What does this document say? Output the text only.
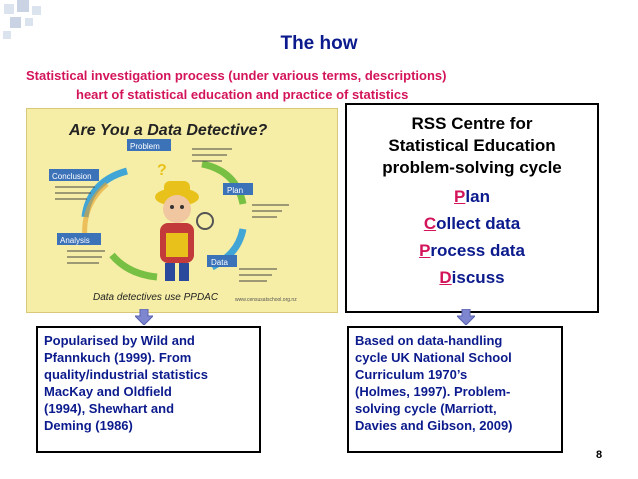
The how
Statistical investigation process (under various terms, descriptions)
heart of statistical education and practice of statistics
Are You a Data Detective?
?
Problem
Plan
Data
Analysis
Conclusion
Data detectives use PPDAC	www.censusatschool.org.nz
RSS Centre for
Statistical Education
problem-solving cycle
Plan
Collect data
Process data
Discuss
Popularised by Wild and
Pfannkuch (1999). From
quality/industrial statistics
MacKay and Oldfield
(1994), Shewhart and
Deming (1986)
Based on data-handling
cycle UK National School
Curriculum 1970’s
(Holmes, 1997). Problem-
solving cycle (Marriott,
Davies and Gibson, 2009)
8
